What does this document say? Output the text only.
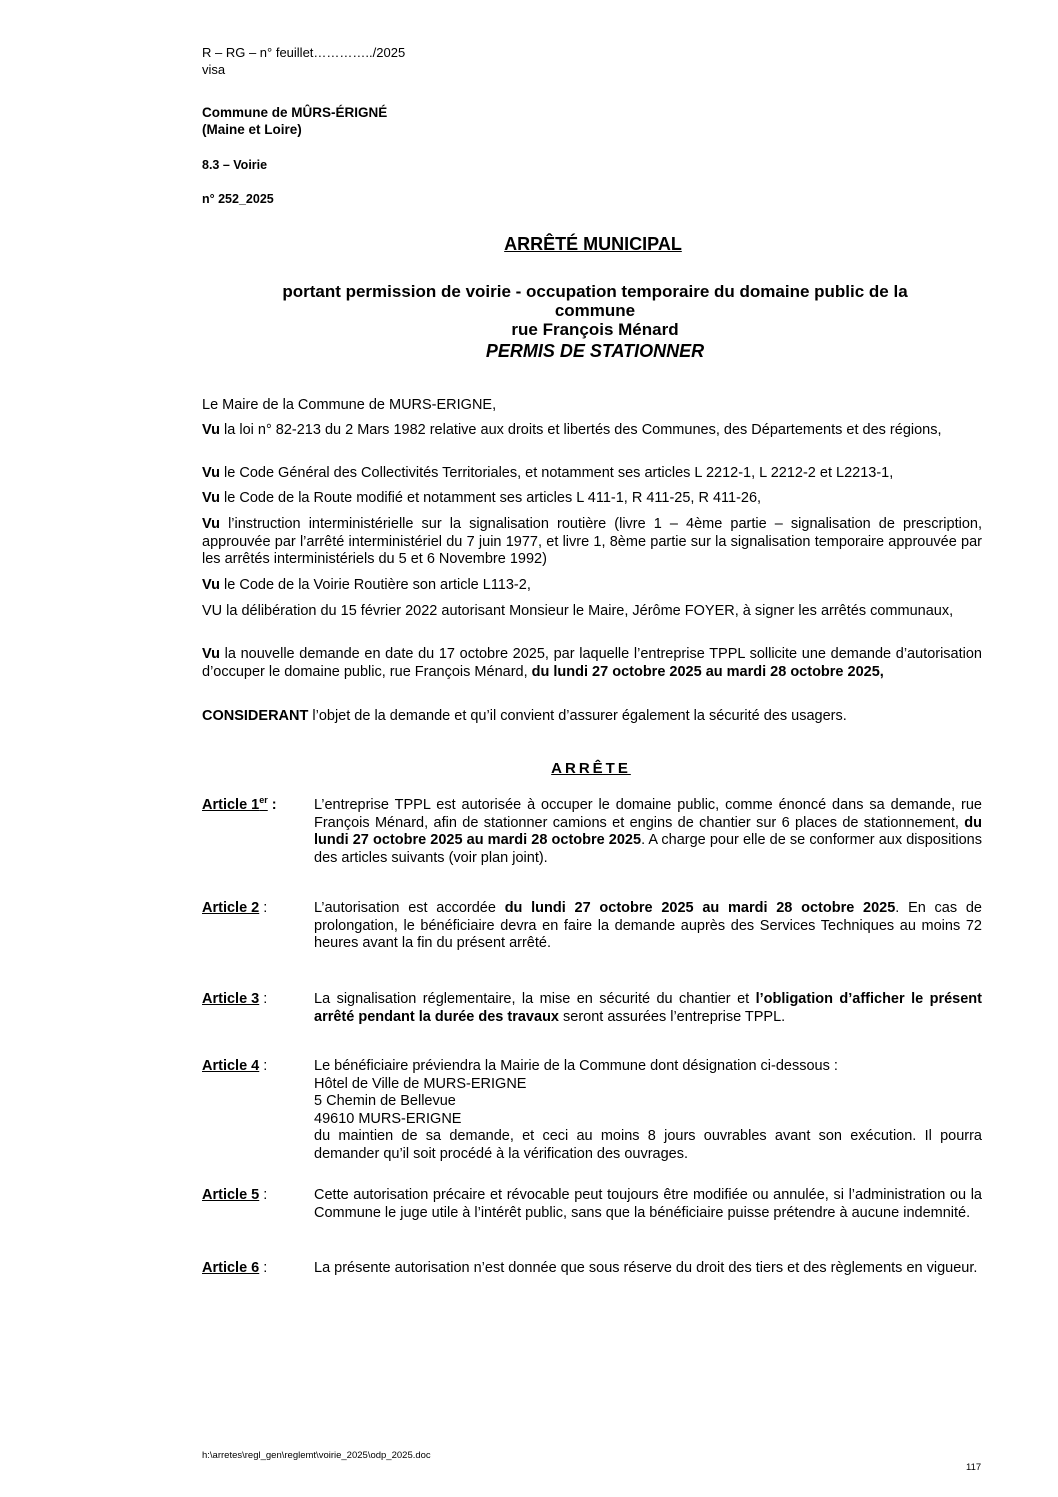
R – RG – n° feuillet…………../2025
visa
Commune de MÛRS-ÉRIGNÉ
(Maine et Loire)
8.3 – Voirie
n° 252_2025
ARRÊTÉ MUNICIPAL
portant permission de voirie - occupation temporaire du domaine public de la
commune
rue François Ménard
PERMIS DE STATIONNER
Le Maire de la Commune de MURS-ERIGNE,
Vu la loi n° 82-213 du 2 Mars 1982 relative aux droits et libertés des Communes, des Départements et des régions,
Vu le Code Général des Collectivités Territoriales, et notamment ses articles L 2212-1, L 2212-2 et L2213-1,
Vu le Code de la Route modifié et notamment ses articles L 411-1, R 411-25, R 411-26,
Vu l’instruction interministérielle sur la signalisation routière (livre 1 – 4ème partie – signalisation de prescription, approuvée par l’arrêté interministériel du 7 juin 1977, et livre 1, 8ème partie sur la signalisation temporaire approuvée par les arrêtés interministériels du 5 et 6 Novembre 1992)
Vu le Code de la Voirie Routière son article L113-2,
VU la délibération du 15 février 2022 autorisant Monsieur le Maire, Jérôme FOYER, à signer les arrêtés communaux,
Vu la nouvelle demande en date du 17 octobre 2025, par laquelle l’entreprise TPPL sollicite une demande d’autorisation d’occuper le domaine public, rue François Ménard, du lundi 27 octobre 2025 au mardi 28 octobre 2025,
CONSIDERANT l’objet de la demande et qu’il convient d’assurer également la sécurité des usagers.
ARRÊTE
Article 1er :	L’entreprise TPPL est autorisée à occuper le domaine public, comme énoncé dans sa demande, rue François Ménard, afin de stationner camions et engins de chantier sur 6 places de stationnement, du lundi 27 octobre 2025 au mardi 28 octobre 2025. A charge pour elle de se conformer aux dispositions des articles suivants (voir plan joint).
Article 2 :	L’autorisation est accordée du lundi 27 octobre 2025 au mardi 28 octobre 2025. En cas de prolongation, le bénéficiaire devra en faire la demande auprès des Services Techniques au moins 72 heures avant la fin du présent arrêté.
Article 3 :	La signalisation réglementaire, la mise en sécurité du chantier et l’obligation d’afficher le présent arrêté pendant la durée des travaux seront assurées l’entreprise TPPL.
Article 4 :	Le bénéficiaire préviendra la Mairie de la Commune dont désignation ci-dessous :
Hôtel de Ville de MURS-ERIGNE
5 Chemin de Bellevue
49610 MURS-ERIGNE
du maintien de sa demande, et ceci au moins 8 jours ouvrables avant son exécution. Il pourra demander qu’il soit procédé à la vérification des ouvrages.
Article 5 :	Cette autorisation précaire et révocable peut toujours être modifiée ou annulée, si l’administration ou la Commune le juge utile à l’intérêt public, sans que la bénéficiaire puisse prétendre à aucune indemnité.
Article 6 :	La présente autorisation n’est donnée que sous réserve du droit des tiers et des règlements en vigueur.
h:\arretes\regl_gen\reglemt\voirie_2025\odp_2025.doc
117
